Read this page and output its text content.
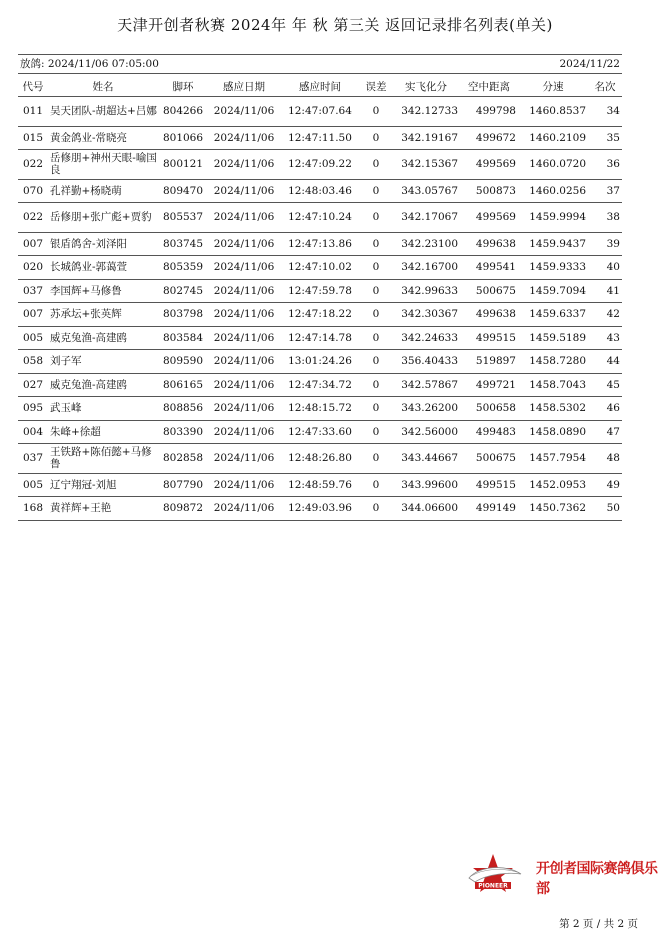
天津开创者秋赛 2024年 年 秋 第三关 返回记录排名列表(单关)
放鸽: 2024/11/06 07:05:00	2024/11/22
代号	姓名	脚环	感应日期	感应时间	误差	实飞化分	空中距离	分速	名次
011	吴天团队-胡超达+吕娜	804266	2024/11/06	12:47:07.64	0	342.12733	499798	1460.8537	34
015	黄金鸽业-常晓亮	801066	2024/11/06	12:47:11.50	0	342.19167	499672	1460.2109	35
022	岳修朋+神州天眼-喻国良	800121	2024/11/06	12:47:09.22	0	342.15367	499569	1460.0720	36
070	孔祥勤+杨晓萌	809470	2024/11/06	12:48:03.46	0	343.05767	500873	1460.0256	37
022	岳修朋+张广彪+贾豹	805537	2024/11/06	12:47:10.24	0	342.17067	499569	1459.9994	38
007	银盾鸽舍-刘泽阳	803745	2024/11/06	12:47:13.86	0	342.23100	499638	1459.9437	39
020	长城鸽业-郭蔼萱	805359	2024/11/06	12:47:10.02	0	342.16700	499541	1459.9333	40
037	李国辉+马修鲁	802745	2024/11/06	12:47:59.78	0	342.99633	500675	1459.7094	41
007	苏承坛+张英辉	803798	2024/11/06	12:47:18.22	0	342.30367	499638	1459.6337	42
005	威克兔渔-高建鸥	803584	2024/11/06	12:47:14.78	0	342.24633	499515	1459.5189	43
058	刘子军	809590	2024/11/06	13:01:24.26	0	356.40433	519897	1458.7280	44
027	威克兔渔-高建鸥	806165	2024/11/06	12:47:34.72	0	342.57867	499721	1458.7043	45
095	武玉峰	808856	2024/11/06	12:48:15.72	0	343.26200	500658	1458.5302	46
004	朱峰+徐超	803390	2024/11/06	12:47:33.60	0	342.56000	499483	1458.0890	47
037	王铁路+陈佰懿+马修鲁	802858	2024/11/06	12:48:26.80	0	343.44667	500675	1457.7954	48
005	辽宁翔冠-刘旭	807790	2024/11/06	12:48:59.76	0	343.99600	499515	1452.0953	49
168	黄祥辉+王艳	809872	2024/11/06	12:49:03.96	0	344.06600	499149	1450.7362	50
PIONEER
开创者国际赛鸽俱乐部
第 2 页 / 共 2 页
